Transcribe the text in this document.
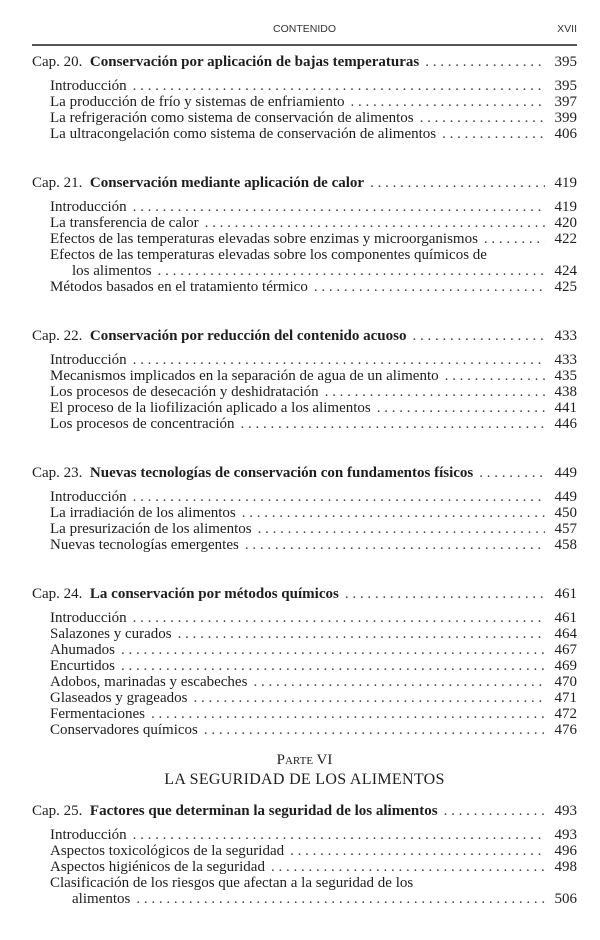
CONTENIDO	XVII
Cap. 20. Conservación por aplicación de bajas temperaturas . . .	395
Introducción . . .	395
La producción de frío y sistemas de enfriamiento . . .	397
La refrigeración como sistema de conservación de alimentos . . .	399
La ultracongelación como sistema de conservación de alimentos . . .	406
Cap. 21. Conservación mediante aplicación de calor . . .	419
Introducción . . .	419
La transferencia de calor . . .	420
Efectos de las temperaturas elevadas sobre enzimas y microorganismos . . .	422
Efectos de las temperaturas elevadas sobre los componentes químicos de
los alimentos . . .	424
Métodos basados en el tratamiento térmico . . .	425
Cap. 22. Conservación por reducción del contenido acuoso . . .	433
Introducción . . .	433
Mecanismos implicados en la separación de agua de un alimento . . .	435
Los procesos de desecación y deshidratación . . .	438
El proceso de la liofilización aplicado a los alimentos . . .	441
Los procesos de concentración . . .	446
Cap. 23. Nuevas tecnologías de conservación con fundamentos físicos . . .	449
Introducción . . .	449
La irradiación de los alimentos . . .	450
La presurización de los alimentos . . .	457
Nuevas tecnologías emergentes . . .	458
Cap. 24. La conservación por métodos químicos . . .	461
Introducción . . .	461
Salazones y curados . . .	464
Ahumados . . .	467
Encurtidos . . .	469
Adobos, marinadas y escabeches . . .	470
Glaseados y grageados . . .	471
Fermentaciones . . .	472
Conservadores químicos . . .	476
Parte VI
LA SEGURIDAD DE LOS ALIMENTOS
Cap. 25. Factores que determinan la seguridad de los alimentos . . .	493
Introducción . . .	493
Aspectos toxicológicos de la seguridad . . .	496
Aspectos higiénicos de la seguridad . . .	498
Clasificación de los riesgos que afectan a la seguridad de los
alimentos . . .	506
